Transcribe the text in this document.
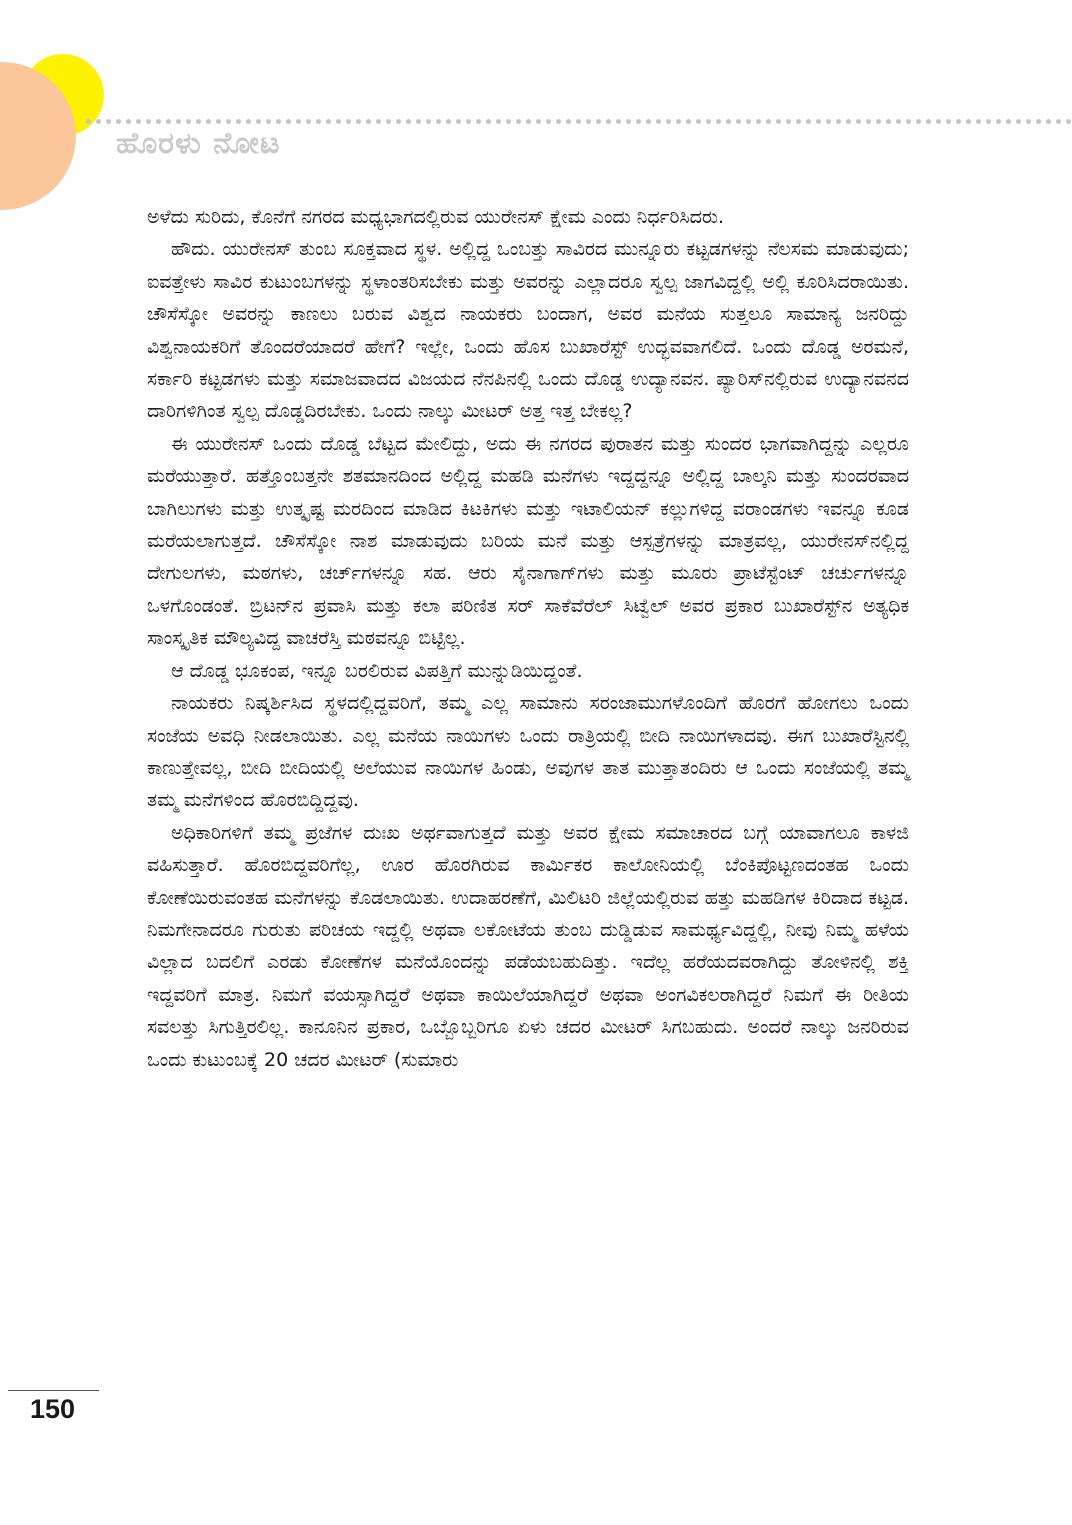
ಹೊರಳು ನೋಟ

ಅಳೆದು ಸುರಿದು, ಕೊನೆಗೆ ನಗರದ ಮಧ್ಯಭಾಗದಲ್ಲಿರುವ ಯುರೇನಸ್ ಕ್ಷೇಮ ಎಂದು ನಿರ್ಧರಿಸಿದರು.

ಹೌದು. ಯುರೇನಸ್ ತುಂಬ ಸೂಕ್ತವಾದ ಸ್ಥಳ. ಅಲ್ಲಿದ್ದ ಒಂಬತ್ತು ಸಾವಿರದ ಮುನ್ನೂರು ಕಟ್ಟಡಗಳನ್ನು ನೆಲಸಮ ಮಾಡುವುದು; ಐವತ್ತೇಳು ಸಾವಿರ ಕುಟುಂಬಗಳನ್ನು ಸ್ಥಳಾಂತರಿಸಬೇಕು ಮತ್ತು ಅವರನ್ನು ಎಲ್ಲಾದರೂ ಸ್ವಲ್ಪ ಜಾಗವಿದ್ದಲ್ಲಿ ಅಲ್ಲಿ ಕೂರಿಸಿದರಾಯಿತು. ಚೌಸೆಸ್ಕೋ ಅವರನ್ನು ಕಾಣಲು ಬರುವ ವಿಶ್ವದ ನಾಯಕರು ಬಂದಾಗ, ಅವರ ಮನೆಯ ಸುತ್ತಲೂ ಸಾಮಾನ್ಯ ಜನರಿದ್ದು ವಿಶ್ವನಾಯಕರಿಗೆ ತೊಂದರೆಯಾದರೆ ಹೇಗೆ? ಇಲ್ಲೇ, ಒಂದು ಹೊಸ ಬುಖಾರೆಸ್ಟ್ ಉದ್ಭವವಾಗಲಿದೆ. ಒಂದು ದೊಡ್ಡ ಅರಮನೆ, ಸರ್ಕಾರಿ ಕಟ್ಟಡಗಳು ಮತ್ತು ಸಮಾಜವಾದದ ವಿಜಯದ ನೆನಪಿನಲ್ಲಿ ಒಂದು ದೊಡ್ಡ ಉದ್ಯಾನವನ. ಪ್ಯಾರಿಸ್‌ನಲ್ಲಿರುವ ಉದ್ಯಾನವನದ ದಾರಿಗಳಿಗಿಂತ ಸ್ವಲ್ಪ ದೊಡ್ಡದಿರಬೇಕು. ಒಂದು ನಾಲ್ಕು ಮೀಟರ್ ಅತ್ತ ಇತ್ತ ಬೇಕಲ್ಲ?

ಈ ಯುರೇನಸ್ ಒಂದು ದೊಡ್ಡ ಬೆಟ್ಟದ ಮೇಲಿದ್ದು, ಅದು ಈ ನಗರದ ಪುರಾತನ ಮತ್ತು ಸುಂದರ ಭಾಗವಾಗಿದ್ದನ್ನು ಎಲ್ಲರೂ ಮರೆಯುತ್ತಾರೆ. ಹತ್ತೊಂಬತ್ತನೇ ಶತಮಾನದಿಂದ ಅಲ್ಲಿದ್ದ ಮಹಡಿ ಮನೆಗಳು ಇದ್ದದ್ದನ್ನೂ ಅಲ್ಲಿದ್ದ ಬಾಲ್ಕನಿ ಮತ್ತು ಸುಂದರವಾದ ಬಾಗಿಲುಗಳು ಮತ್ತು ಉತ್ಕೃಷ್ಟ ಮರದಿಂದ ಮಾಡಿದ ಕಿಟಕಿಗಳು ಮತ್ತು ಇಟಾಲಿಯನ್ ಕಲ್ಲುಗಳಿದ್ದ ವರಾಂಡಗಳು ಇವನ್ನೂ ಕೂಡ ಮರೆಯಲಾಗುತ್ತದೆ. ಚೌಸೆಸ್ಕೋ ನಾಶ ಮಾಡುವುದು ಬರಿಯ ಮನೆ ಮತ್ತು ಆಸ್ಪತ್ರೆಗಳನ್ನು ಮಾತ್ರವಲ್ಲ, ಯುರೇನಸ್‌ನಲ್ಲಿದ್ದ ದೇಗುಲಗಳು, ಮಠಗಳು, ಚರ್ಚ್‌ಗಳನ್ನೂ ಸಹ. ಆರು ಸೈನಾಗಾಗ್‌ಗಳು ಮತ್ತು ಮೂರು ಪ್ರಾಟೆಸ್ಟೆಂಟ್ ಚರ್ಚುಗಳನ್ನೂ ಒಳಗೊಂಡಂತೆ. ಬ್ರಿಟನ್‌ನ ಪ್ರವಾಸಿ ಮತ್ತು ಕಲಾ ಪರಿಣಿತ ಸರ್ ಸಾಕೆವೆರೆಲ್ ಸಿಟ್ವೆಲ್ ಅವರ ಪ್ರಕಾರ ಬುಖಾರೆಸ್ಟ್‌ನ ಅತ್ಯಧಿಕ ಸಾಂಸ್ಕೃತಿಕ ಮೌಲ್ಯವಿದ್ದ ವಾಚರೆಸ್ತಿ ಮಠವನ್ನೂ ಬಿಟ್ಟಿಲ್ಲ.

ಆ ದೊಡ್ಡ ಭೂಕಂಪ, ಇನ್ನೂ ಬರಲಿರುವ ವಿಪತ್ತಿಗೆ ಮುನ್ನುಡಿಯಿದ್ದಂತೆ.

ನಾಯಕರು ನಿಷ್ಕರ್ಶಿಸಿದ ಸ್ಥಳದಲ್ಲಿದ್ದವರಿಗೆ, ತಮ್ಮ ಎಲ್ಲ ಸಾಮಾನು ಸರಂಜಾಮುಗಳೊಂದಿಗೆ ಹೊರಗೆ ಹೋಗಲು ಒಂದು ಸಂಜೆಯ ಅವಧಿ ನೀಡಲಾಯಿತು. ಎಲ್ಲ ಮನೆಯ ನಾಯಿಗಳು ಒಂದು ರಾತ್ರಿಯಲ್ಲಿ ಬೀದಿ ನಾಯಿಗಳಾದವು. ಈಗ ಬುಖಾರೆಸ್ಟಿನಲ್ಲಿ ಕಾಣುತ್ತೇವಲ್ಲ, ಬೀದಿ ಬೀದಿಯಲ್ಲಿ ಅಲೆಯುವ ನಾಯಿಗಳ ಹಿಂಡು, ಅವುಗಳ ತಾತ ಮುತ್ತಾತಂದಿರು ಆ ಒಂದು ಸಂಜೆಯಲ್ಲಿ ತಮ್ಮ ತಮ್ಮ ಮನೆಗಳಿಂದ ಹೊರಬಿದ್ದಿದ್ದವು.

ಅಧಿಕಾರಿಗಳಿಗೆ ತಮ್ಮ ಪ್ರಜೆಗಳ ದುಃಖ ಅರ್ಥವಾಗುತ್ತದೆ ಮತ್ತು ಅವರ ಕ್ಷೇಮ ಸಮಾಚಾರದ ಬಗ್ಗೆ ಯಾವಾಗಲೂ ಕಾಳಜಿ ವಹಿಸುತ್ತಾರೆ. ಹೊರಬಿದ್ದವರಿಗೆಲ್ಲ, ಊರ ಹೊರಗಿರುವ ಕಾರ್ಮಿಕರ ಕಾಲೋನಿಯಲ್ಲಿ ಬೆಂಕಿಪೊಟ್ಟಣದಂತಹ ಒಂದು ಕೋಣೆಯಿರುವಂತಹ ಮನೆಗಳನ್ನು ಕೊಡಲಾಯಿತು. ಉದಾಹರಣೆಗೆ, ಮಿಲಿಟರಿ ಜಿಲ್ಲೆಯಲ್ಲಿರುವ ಹತ್ತು ಮಹಡಿಗಳ ಕಿರಿದಾದ ಕಟ್ಟಡ. ನಿಮಗೇನಾದರೂ ಗುರುತು ಪರಿಚಯ ಇದ್ದಲ್ಲಿ ಅಥವಾ ಲಕೋಟೆಯ ತುಂಬ ದುಡ್ಡಿಡುವ ಸಾಮರ್ಥ್ಯವಿದ್ದಲ್ಲಿ, ನೀವು ನಿಮ್ಮ ಹಳೆಯ ವಿಲ್ಲಾದ ಬದಲಿಗೆ ಎರಡು ಕೋಣೆಗಳ ಮನೆಯೊಂದನ್ನು ಪಡೆಯಬಹುದಿತ್ತು. ಇದೆಲ್ಲ ಹರೆಯದವರಾಗಿದ್ದು ತೋಳಿನಲ್ಲಿ ಶಕ್ತಿ ಇದ್ದವರಿಗೆ ಮಾತ್ರ. ನಿಮಗೆ ವಯಸ್ಸಾಗಿದ್ದರೆ ಅಥವಾ ಕಾಯಿಲೆಯಾಗಿದ್ದರೆ ಅಥವಾ ಅಂಗವಿಕಲರಾಗಿದ್ದರೆ ನಿಮಗೆ ಈ ರೀತಿಯ ಸವಲತ್ತು ಸಿಗುತ್ತಿರಲಿಲ್ಲ. ಕಾನೂನಿನ ಪ್ರಕಾರ, ಒಬ್ಬೊಬ್ಬರಿಗೂ ಏಳು ಚದರ ಮೀಟರ್ ಸಿಗಬಹುದು. ಅಂದರೆ ನಾಲ್ಕು ಜನರಿರುವ ಒಂದು ಕುಟುಂಬಕ್ಕೆ 20 ಚದರ ಮೀಟರ್ (ಸುಮಾರು

150
